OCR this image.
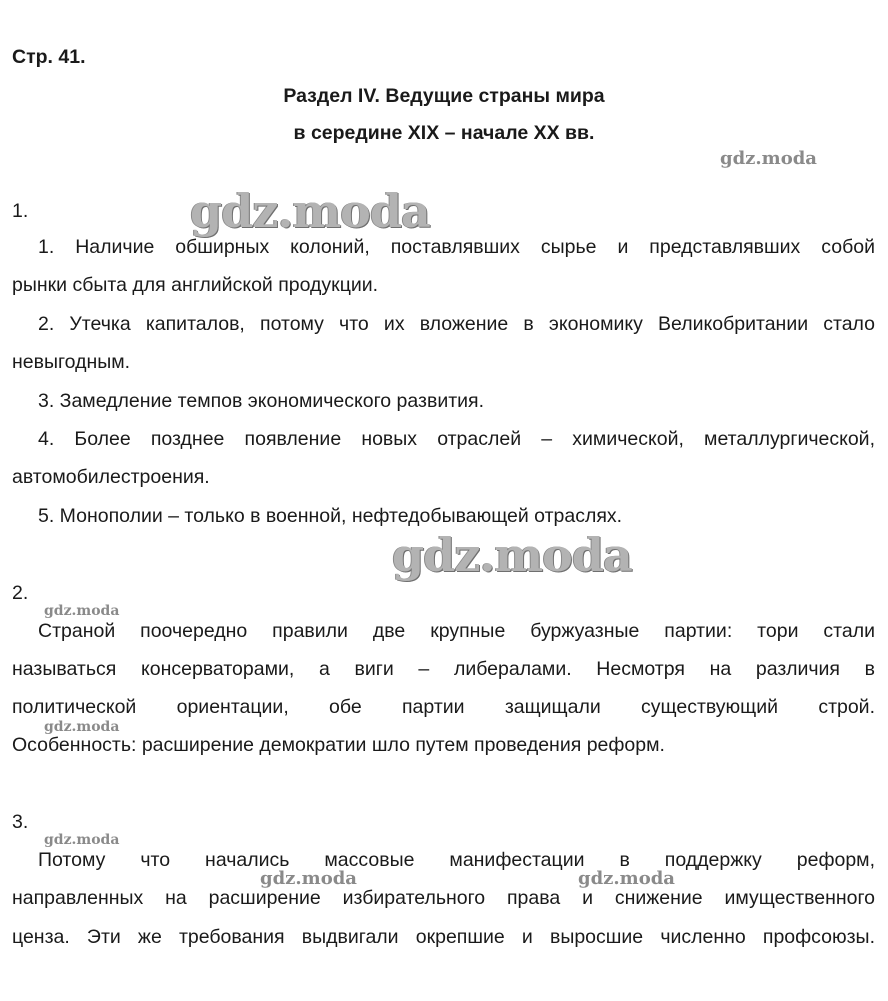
Стр. 41.
Раздел IV. Ведущие страны мира
в середине XIX – начале XX вв.
gdz.moda
gdz.moda
gdz.moda
gdz.moda
gdz.moda
gdz.moda
gdz.moda	gdz.moda
1.
1. Наличие обширных колоний, поставлявших сырье и представлявших собой
рынки сбыта для английской продукции.
2. Утечка капиталов, потому что их вложение в экономику Великобритании стало
невыгодным.
3. Замедление темпов экономического развития.
4. Более позднее появление новых отраслей – химической, металлургической,
автомобилестроения.
5. Монополии – только в военной, нефтедобывающей отраслях.
2.
Страной поочередно правили две крупные буржуазные партии: тори стали
называться консерваторами, а виги – либералами. Несмотря на различия в
политической ориентации, обе партии защищали существующий строй.
Особенность: расширение демократии шло путем проведения реформ.
3.
Потому что начались массовые манифестации в поддержку реформ,
направленных на расширение избирательного права и снижение имущественного
ценза. Эти же требования выдвигали окрепшие и выросшие численно профсоюзы.
